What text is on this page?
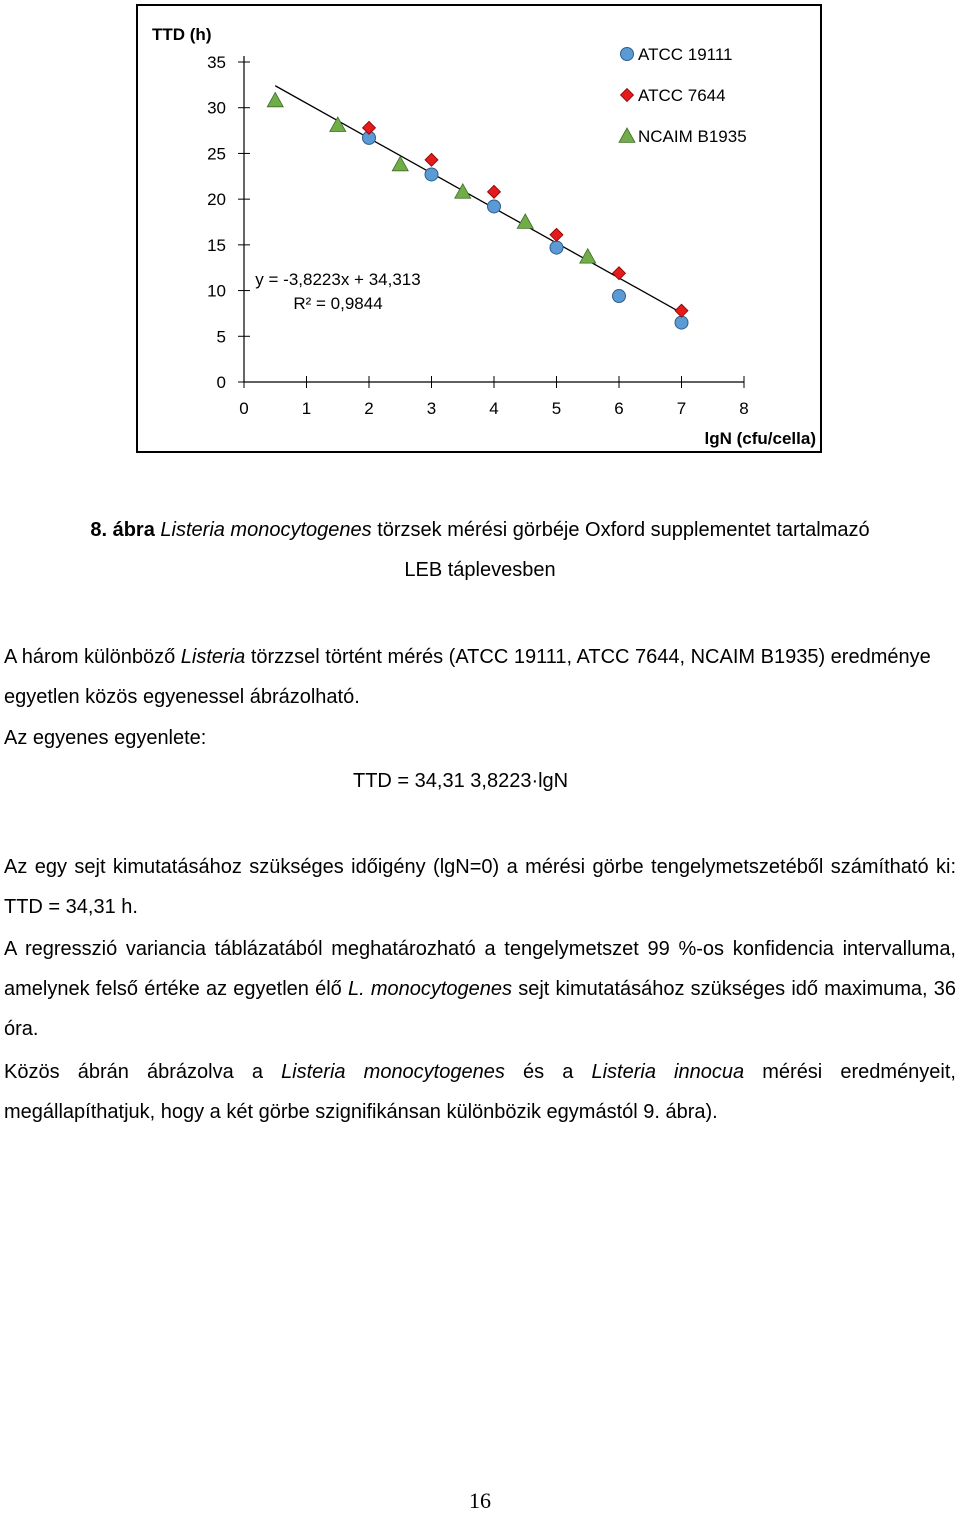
0
5
10
15
20
25
30
35
0	1	2	3	4	5	6	7	8
TTD (h)
lgN (cfu/cella)
y = -3,8223x + 34,313
R² = 0,9844
ATCC 19111
ATCC 7644
NCAIM B1935
8. ábra Listeria monocytogenes törzsek mérési görbéje Oxford supplementet tartalmazó
LEB táplevesben
A három különböző Listeria törzzsel történt mérés (ATCC 19111, ATCC 7644, NCAIM B1935) eredménye egyetlen közös egyenessel ábrázolható.
Az egyenes egyenlete:
TTD = 34,31 3,8223·lgN
Az egy sejt kimutatásához szükséges időigény (lgN=0) a mérési görbe tengelymetszetéből számítható ki: TTD = 34,31 h.
A regresszió variancia táblázatából meghatározható a tengelymetszet 99 %-os konfidencia intervalluma, amelynek felső értéke az egyetlen élő L. monocytogenes sejt kimutatásához szükséges idő maximuma, 36 óra.
Közös ábrán ábrázolva a Listeria monocytogenes és a Listeria innocua mérési eredményeit, megállapíthatjuk, hogy a két görbe szignifikánsan különbözik egymástól 9. ábra).
16
